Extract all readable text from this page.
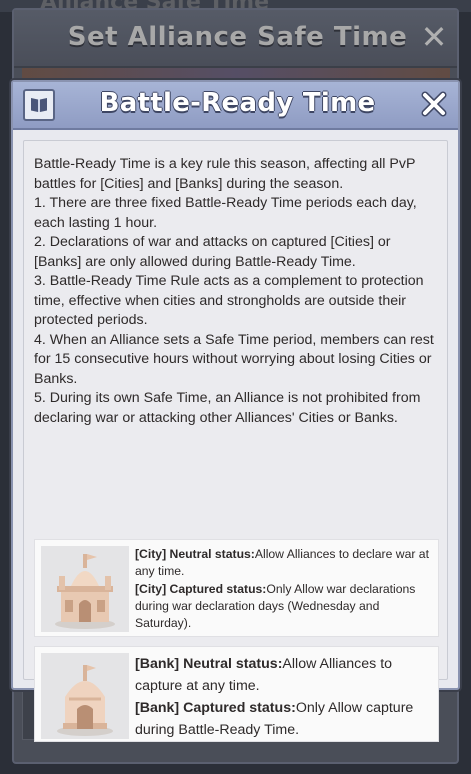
Set Alliance Safe Time ✕
Battle-Ready Time

Battle-Ready Time is a key rule this season, affecting all PvP battles for [Cities] and [Banks] during the season.

1. There are three fixed Battle-Ready Time periods each day, each lasting 1 hour.

2. Declarations of war and attacks on captured [Cities] or [Banks] are only allowed during Battle-Ready Time.

3. Battle-Ready Time Rule acts as a complement to protection time, effective when cities and strongholds are outside their protected periods.

4. When an Alliance sets a Safe Time period, members can rest for 15 consecutive hours without worrying about losing Cities or Banks.

5. During its own Safe Time, an Alliance is not prohibited from declaring war or attacking other Alliances' Cities or Banks.

[City] Neutral status:Allow Alliances to declare war at any time.

[City] Captured status:Only Allow war declarations during war declaration days (Wednesday and Saturday).

[Bank] Neutral status:Allow Alliances to capture at any time.

[Bank] Captured status:Only Allow capture during Battle-Ready Time.
